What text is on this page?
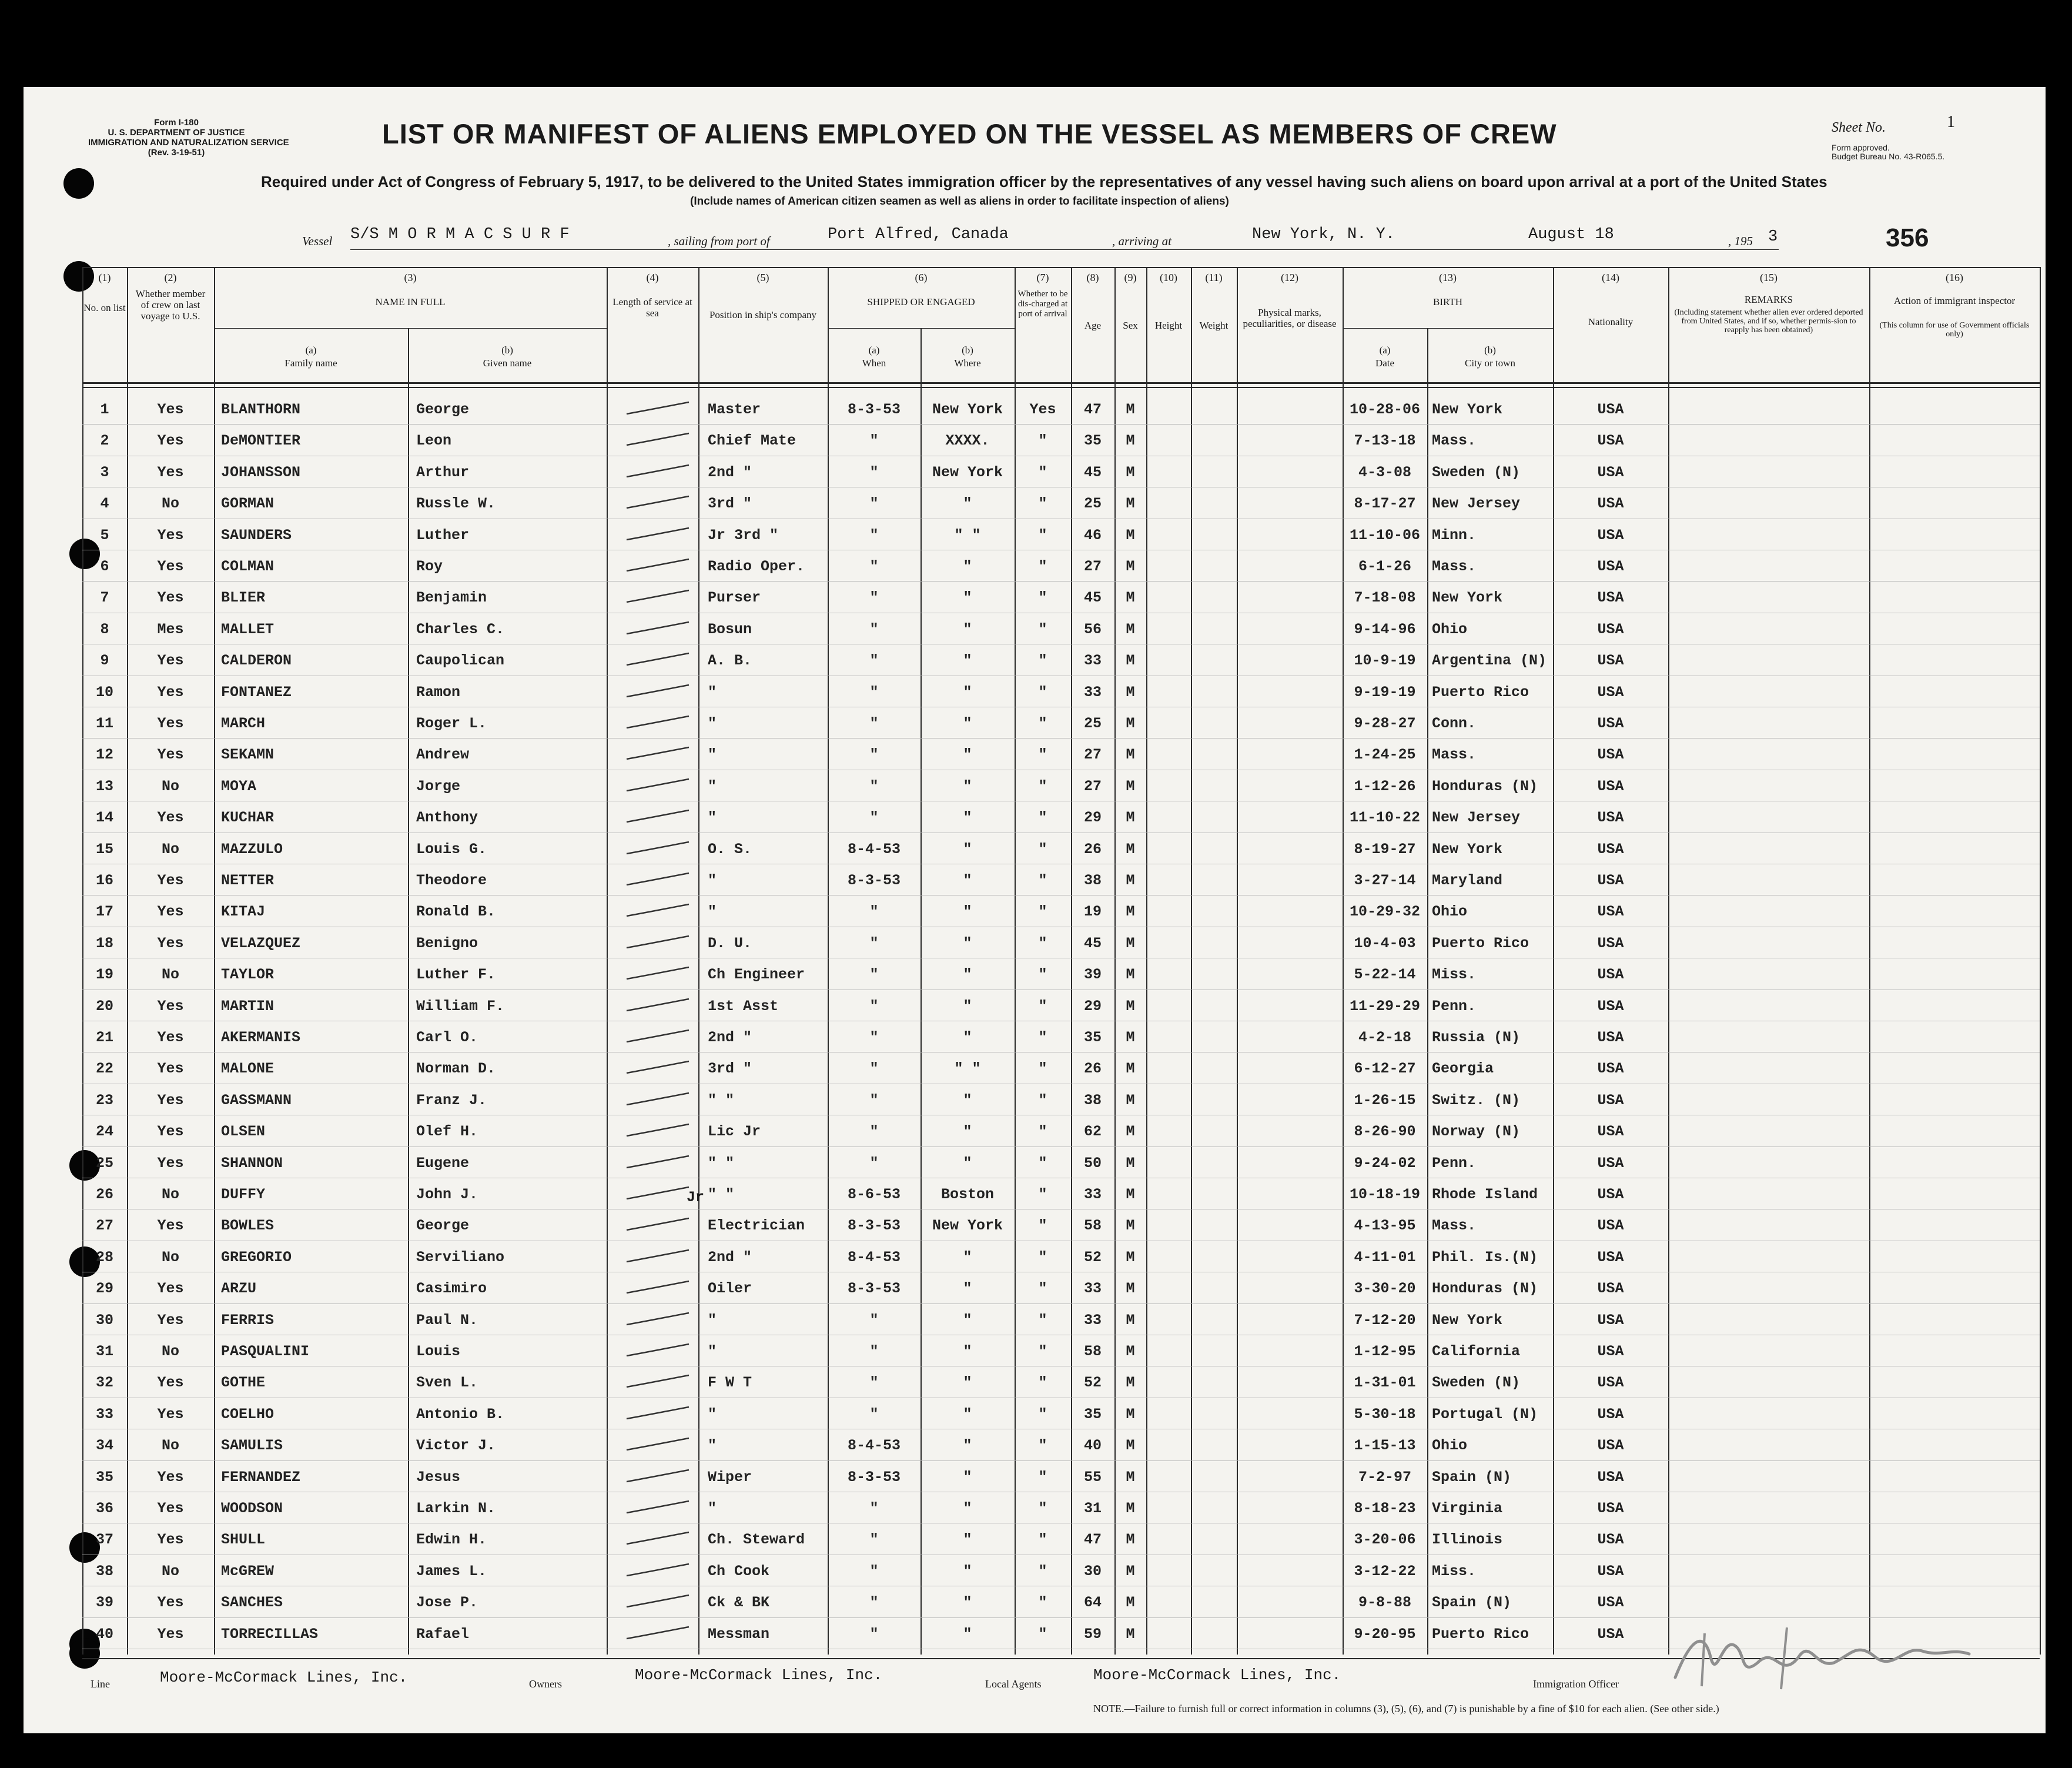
Form I-180
U. S. DEPARTMENT OF JUSTICE
IMMIGRATION AND NATURALIZATION SERVICE
(Rev. 3-19-51)
LIST OR MANIFEST OF ALIENS EMPLOYED ON THE VESSEL AS MEMBERS OF CREW	Sheet No.	1
Form approved.
Budget Bureau No. 43-R065.5.
Required under Act of Congress of February 5, 1917, to be delivered to the United States immigration officer by the representatives of any vessel having such aliens on board upon arrival at a port of the United States
(Include names of American citizen seamen as well as aliens in order to facilitate inspection of aliens)
Vessel S/S M O R M A C S U R F	, sailing from port of	Port Alfred, Canada	, arriving at	New York, N. Y.	August 18	, 195 3	356
(1)
No. on list
(2)
Whether member of crew on last voyage to U.S.
(3)
NAME IN FULL
(a)
Family name
(b)
Given name
(4)
Length of service at sea
(5)
Position in ship's company
(6)
SHIPPED OR ENGAGED
(a)
When
(b)
Where
(7)
Whether to be dis-charged at port of arrival
(8)
Age
(9)
Sex
(10)
Height
(11)
Weight
(12)
Physical marks, peculiarities, or disease
(13)
BIRTH
(a)
Date
(b)
City or town
(14)
Nationality
(15)
REMARKS
(Including statement whether alien ever ordered deported from United States, and if so, whether permis-sion to reapply has been obtained)
(16)
Action of immigrant inspector
(This column for use of Government officials only)
1	Yes	BLANTHORN	George	Master	8-3-53	New York	Yes	47	M	10-28-06 New York	USA
2	Yes	DeMONTIER	Leon	Chief Mate	"	XXXX.	"	35	M	7-13-18	Mass.	USA
3	Yes	JOHANSSON	Arthur	2nd "	"	New York	"	45	M	4-3-08	Sweden (N)	USA
4	No	GORMAN	Russle W.	3rd "	"	"	"	25	M	8-17-27	New Jersey	USA
5	Yes	SAUNDERS	Luther	Jr 3rd "	"	" "	"	46	M	11-10-06 Minn.	USA
6	Yes	COLMAN	Roy	Radio Oper.	"	"	"	27	M	6-1-26	Mass.	USA
7	Yes	BLIER	Benjamin	Purser	"	"	"	45	M	7-18-08	New York	USA
8	Mes	MALLET	Charles C.	Bosun	"	"	"	56	M	9-14-96	Ohio	USA
9	Yes	CALDERON	Caupolican	A. B.	"	"	"	33	M	10-9-19	Argentina (N)	USA
10	Yes	FONTANEZ	Ramon	"	"	"	"	33	M	9-19-19	Puerto Rico	USA
11	Yes	MARCH	Roger L.	"	"	"	"	25	M	9-28-27	Conn.	USA
12	Yes	SEKAMN	Andrew	"	"	"	"	27	M	1-24-25	Mass.	USA
13	No	MOYA	Jorge	"	"	"	"	27	M	1-12-26	Honduras (N)	USA
14	Yes	KUCHAR	Anthony	"	"	"	"	29	M	11-10-22 New Jersey	USA
15	No	MAZZULO	Louis G.	O. S.	8-4-53	"	"	26	M	8-19-27	New York	USA
16	Yes	NETTER	Theodore	"	8-3-53	"	"	38	M	3-27-14	Maryland	USA
17	Yes	KITAJ	Ronald B.	"	"	"	"	19	M	10-29-32 Ohio	USA
18	Yes	VELAZQUEZ	Benigno	D. U.	"	"	"	45	M	10-4-03	Puerto Rico	USA
19	No	TAYLOR	Luther F.	Ch Engineer	"	"	"	39	M	5-22-14	Miss.	USA
20	Yes	MARTIN	William F.	1st Asst	"	"	"	29	M	11-29-29 Penn.	USA
21	Yes	AKERMANIS	Carl O.	2nd "	"	"	"	35	M	4-2-18	Russia (N)	USA
22	Yes	MALONE	Norman D.	3rd "	"	" "	"	26	M	6-12-27	Georgia	USA
23	Yes	GASSMANN	Franz J.	" "	"	"	"	38	M	1-26-15	Switz. (N)	USA
24	Yes	OLSEN	Olef H.	Lic Jr	"	"	"	62	M	8-26-90	Norway (N)	USA
25	Yes	SHANNON	Eugene	" "	"	"	"	50	M	9-24-02	Penn.	USA
26	No	DUFFY	John J.	" "	8-6-53	Boston	"	33	M	10-18-19 Rhode Island	USA
27	Yes	BOWLES	George	Electrician	8-3-53	New York	"	58	M	4-13-95	Mass.	USA
28	No	GREGORIO	Serviliano	2nd "	8-4-53	"	"	52	M	4-11-01	Phil. Is.(N)	USA
29	Yes	ARZU	Casimiro	Oiler	8-3-53	"	"	33	M	3-30-20	Honduras (N)	USA
30	Yes	FERRIS	Paul N.	"	"	"	"	33	M	7-12-20	New York	USA
31	No	PASQUALINI	Louis	"	"	"	"	58	M	1-12-95	California	USA
32	Yes	GOTHE	Sven L.	F W T	"	"	"	52	M	1-31-01	Sweden (N)	USA
33	Yes	COELHO	Antonio B.	"	"	"	"	35	M	5-30-18	Portugal (N)	USA
34	No	SAMULIS	Victor J.	"	8-4-53	"	"	40	M	1-15-13	Ohio	USA
35	Yes	FERNANDEZ	Jesus	Wiper	8-3-53	"	"	55	M	7-2-97	Spain (N)	USA
36	Yes	WOODSON	Larkin N.	"	"	"	"	31	M	8-18-23	Virginia	USA
37	Yes	SHULL	Edwin H.	Ch. Steward	"	"	"	47	M	3-20-06	Illinois	USA
38	No	McGREW	James L.	Ch Cook	"	"	"	30	M	3-12-22	Miss.	USA
39	Yes	SANCHES	Jose P.	Ck & BK	"	"	"	64	M	9-8-88	Spain (N)	USA
40	Yes	TORRECILLAS	Rafael	Messman	"	"	"	59	M	9-20-95	Puerto Rico	USA
Jr
Line	Moore-McCormack Lines, Inc.	Owners	Moore-McCormack Lines, Inc.	Local Agents	Moore-McCormack Lines, Inc.	Immigration Officer
NOTE.—Failure to furnish full or correct information in columns (3), (5), (6), and (7) is punishable by a fine of $10 for each alien. (See other side.)
